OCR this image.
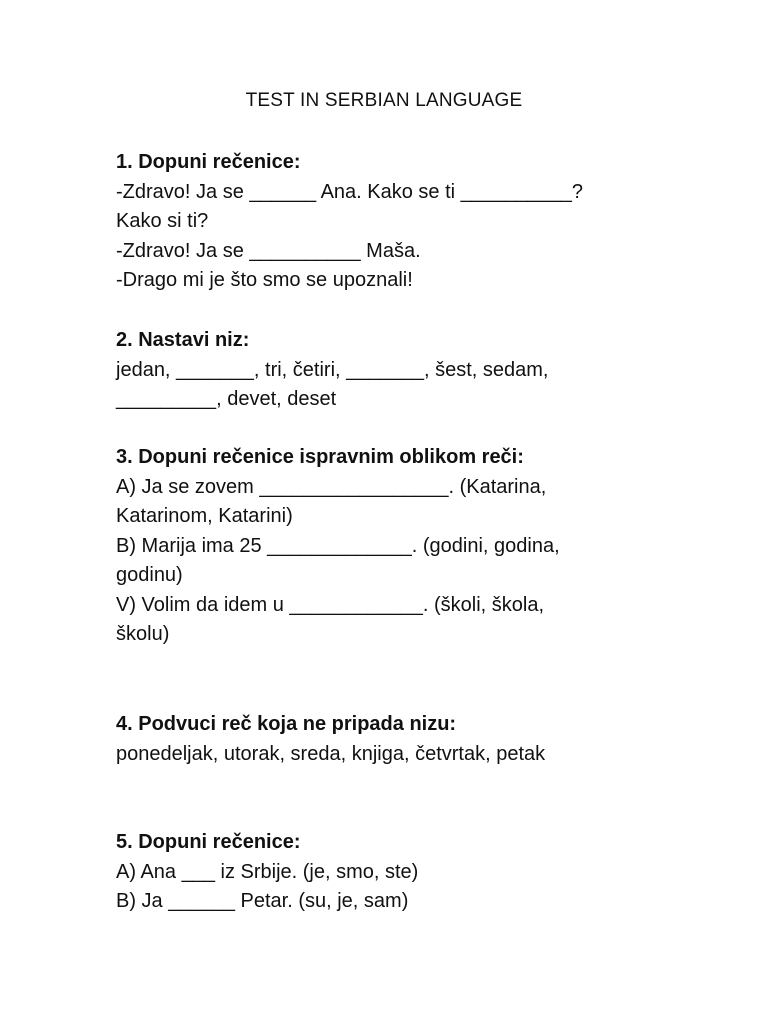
TEST IN SERBIAN LANGUAGE
1. Dopuni rečenice:
-Zdravo! Ja se ______ Ana. Kako se ti __________?
Kako si ti?
-Zdravo! Ja se __________ Maša.
-Drago mi je što smo se upoznali!
2. Nastavi niz:
jedan, _______, tri, četiri, _______, šest, sedam,
_________, devet, deset
3. Dopuni rečenice ispravnim oblikom reči:
A) Ja se zovem _________________. (Katarina,
Katarinom, Katarini)
B) Marija ima 25 _____________. (godini, godina,
godinu)
V) Volim da idem u ____________. (školi, škola,
školu)
4. Podvuci reč koja ne pripada nizu:
ponedeljak, utorak, sreda, knjiga, četvrtak, petak
5. Dopuni rečenice:
A) Ana ___ iz Srbije. (je, smo, ste)
B) Ja ______ Petar. (su, je, sam)
